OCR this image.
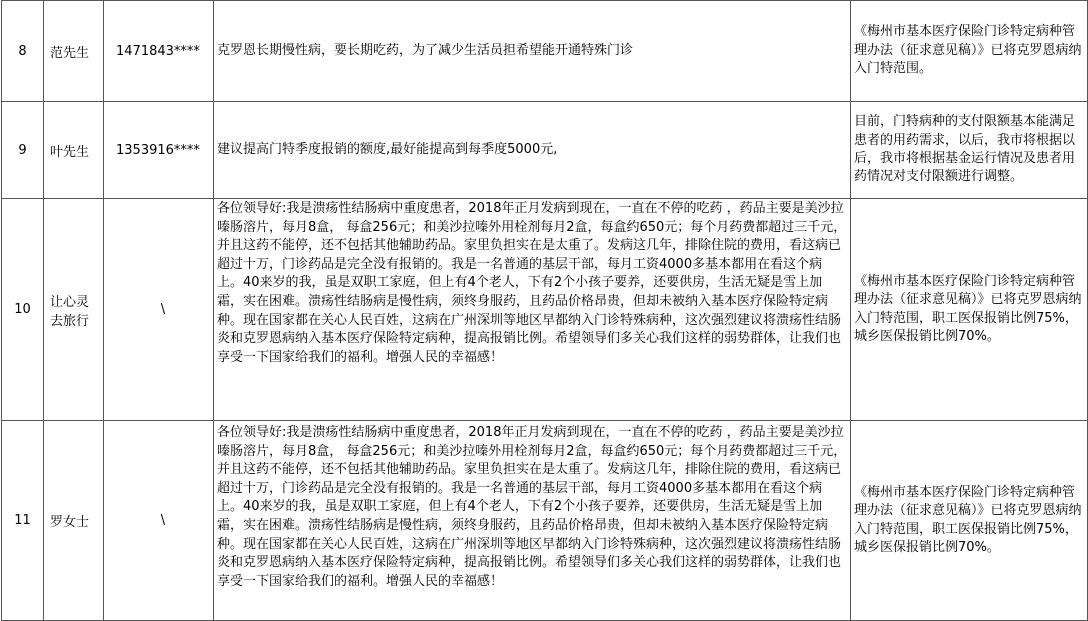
8	范先生	1471843****	克罗恩长期慢性病，要长期吃药，为了减少生活员担希望能开通特殊门诊	《梅州市基本医疗保险门诊特定病种管理办法（征求意见稿）》已将克罗恩病纳入门特范围。
9	叶先生	1353916****	建议提高门特季度报销的额度,最好能提高到每季度5000元,	目前，门特病种的支付限额基本能满足患者的用药需求，以后，我市将根据以后，我市将根据基金运行情况及患者用药情况对支付限额进行调整。
10	让心灵去旅行	\	各位领导好:我是溃疡性结肠病中重度患者，2018年正月发病到现在，一直在不停的吃药 ，药品主要是美沙拉嗪肠溶片，每月8盒， 每盒256元；和美沙拉嗪外用栓剂每月2盒，每盒约650元；每个月药费都超过三千元，并且这药不能停，还不包括其他辅助药品。家里负担实在是太重了。发病这几年，排除住院的费用，看这病已超过十万，门诊药品是完全没有报销的。我是一名普通的基层干部，每月工资4000多基本都用在看这个病上。40来岁的我，虽是双职工家庭，但上有4个老人，下有2个小孩子要养，还要供房，生活无疑是雪上加霜，实在困难。溃疡性结肠病是慢性病，须终身服药，且药品价格昂贵，但却未被纳入基本医疗保险特定病种。现在国家都在关心人民百姓，这病在广州深圳等地区早都纳入门诊特殊病种，这次强烈建议将溃疡性结肠炎和克罗恩病纳入基本医疗保险特定病种，提高报销比例。希望领导们多关心我们这样的弱势群体，让我们也享受一下国家给我们的福利。增强人民的幸福感！	《梅州市基本医疗保险门诊特定病种管理办法（征求意见稿）》已将克罗恩病纳入门特范围，职工医保报销比例75%，城乡医保报销比例70%。
11	罗女士	\	各位领导好:我是溃疡性结肠病中重度患者，2018年正月发病到现在，一直在不停的吃药 ，药品主要是美沙拉嗪肠溶片，每月8盒， 每盒256元；和美沙拉嗪外用栓剂每月2盒，每盒约650元；每个月药费都超过三千元，并且这药不能停，还不包括其他辅助药品。家里负担实在是太重了。发病这几年，排除住院的费用，看这病已超过十万，门诊药品是完全没有报销的。我是一名普通的基层干部，每月工资4000多基本都用在看这个病上。40来岁的我，虽是双职工家庭，但上有4个老人，下有2个小孩子要养，还要供房，生活无疑是雪上加霜，实在困难。溃疡性结肠病是慢性病，须终身服药，且药品价格昂贵，但却未被纳入基本医疗保险特定病种。现在国家都在关心人民百姓，这病在广州深圳等地区早都纳入门诊特殊病种，这次强烈建议将溃疡性结肠炎和克罗恩病纳入基本医疗保险特定病种，提高报销比例。希望领导们多关心我们这样的弱势群体，让我们也享受一下国家给我们的福利。增强人民的幸福感！	《梅州市基本医疗保险门诊特定病种管理办法（征求意见稿）》已将克罗恩病纳入门特范围，职工医保报销比例75%，城乡医保报销比例70%。
